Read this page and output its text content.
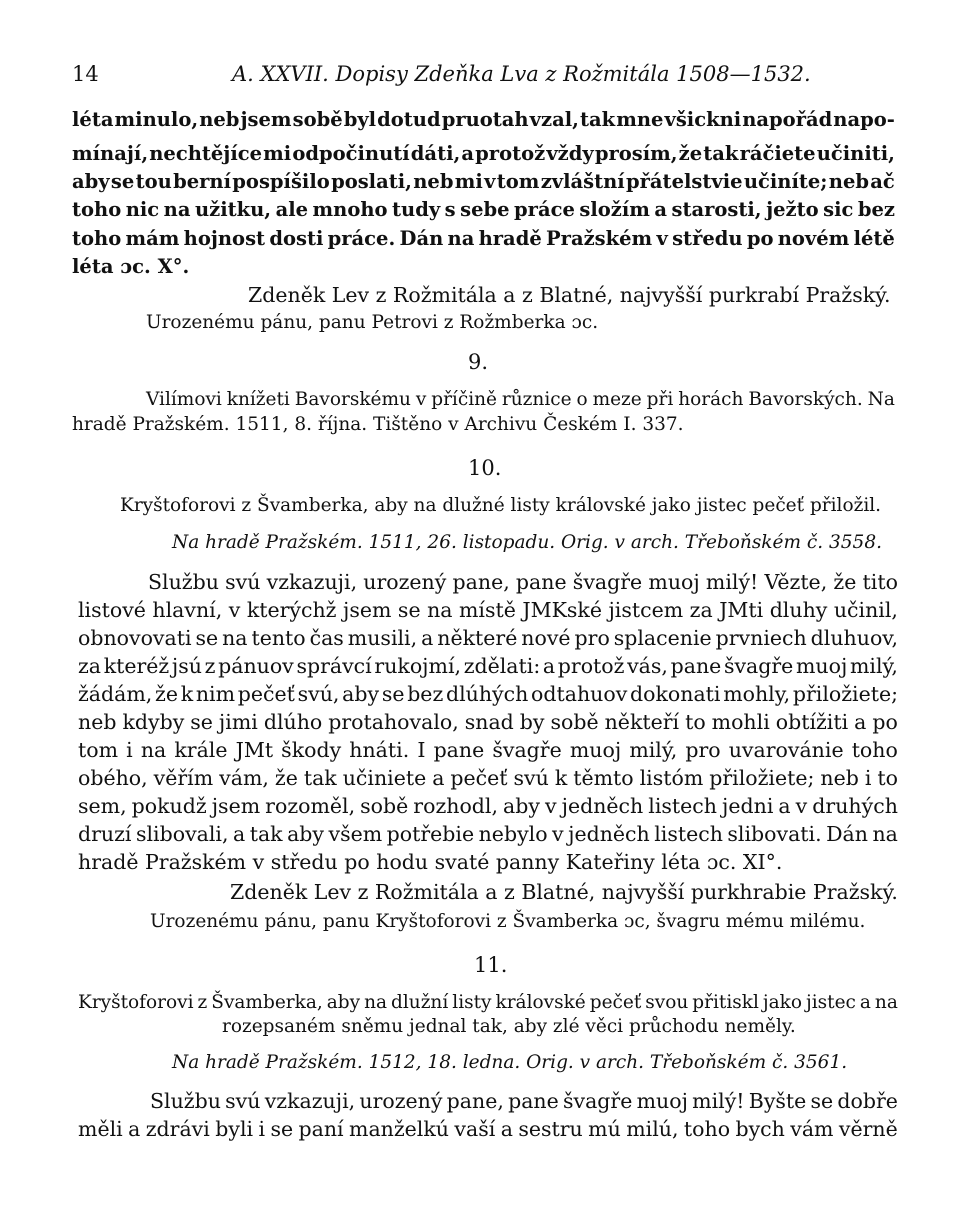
14	A. XXVII. Dopisy Zdeňka Lva z Rožmitála 1508—1532.
léta minulo, neb jsem sobě byl dotud pruotah vzal, tak mne všickni napořád napo-
mínají, nechtějíce mi odpočinutí dáti, a protož vždy prosím, že tak ráčiete učiniti,
aby se tou berní pospíšilo poslati, neb mi v tom zvláštní přátelstvie učiníte; neb ač
toho nic na užitku, ale mnoho tudy s sebe práce složím a starosti, ježto sic bez
toho mám hojnost dosti práce. Dán na hradě Pražském v středu po novém létě
léta ɔc. X°.
Zdeněk Lev z Rožmitála a z Blatné, najvyšší purkrabí Pražský.
Urozenému pánu, panu Petrovi z Rožmberka ɔc.
9.
Vilímovi knížeti Bavorskému v příčině různice o meze při horách Bavorských. Na
hradě Pražském. 1511, 8. října. Tištěno v Archivu Českém I. 337.
10.
Kryštoforovi z Švamberka, aby na dlužné listy královské jako jistec pečeť přiložil.
Na hradě Pražském. 1511, 26. listopadu. Orig. v arch. Třeboňském č. 3558.
Službu svú vzkazuji, urozený pane, pane švagře muoj milý! Vězte, že tito
listové hlavní, v kterýchž jsem se na místě JMKské jistcem za JMti dluhy učinil,
obnovovati se na tento čas musili, a některé nové pro splacenie prvniech dluhuov,
za kteréž jsú z pánuov správcí rukojmí, zdělati: a protož vás, pane švagře muoj milý,
žádám, že k nim pečeť svú, aby se bez dlúhých odtahuov dokonati mohly, přiložiete;
neb kdyby se jimi dlúho protahovalo, snad by sobě někteří to mohli obtížiti a po
tom i na krále JMt škody hnáti. I pane švagře muoj milý, pro uvarovánie toho
obého, věřím vám, že tak učiniete a pečeť svú k těmto listóm přiložiete; neb i to
sem, pokudž jsem rozoměl, sobě rozhodl, aby v jedněch listech jedni a v druhých
druzí slibovali, a tak aby všem potřebie nebylo v jedněch listech slibovati. Dán na
hradě Pražském v středu po hodu svaté panny Kateřiny léta ɔc. XI°.
Zdeněk Lev z Rožmitála a z Blatné, najvyšší purkhrabie Pražský.
Urozenému pánu, panu Kryštoforovi z Švamberka ɔc, švagru mému milému.
11.
Kryštoforovi z Švamberka, aby na dlužní listy královské pečeť svou přitiskl jako jistec a na
rozepsaném sněmu jednal tak, aby zlé věci průchodu neměly.
Na hradě Pražském. 1512, 18. ledna. Orig. v arch. Třeboňském č. 3561.
Službu svú vzkazuji, urozený pane, pane švagře muoj milý! Byšte se dobře
měli a zdrávi byli i se paní manželkú vaší a sestru mú milú, toho bych vám věrně
